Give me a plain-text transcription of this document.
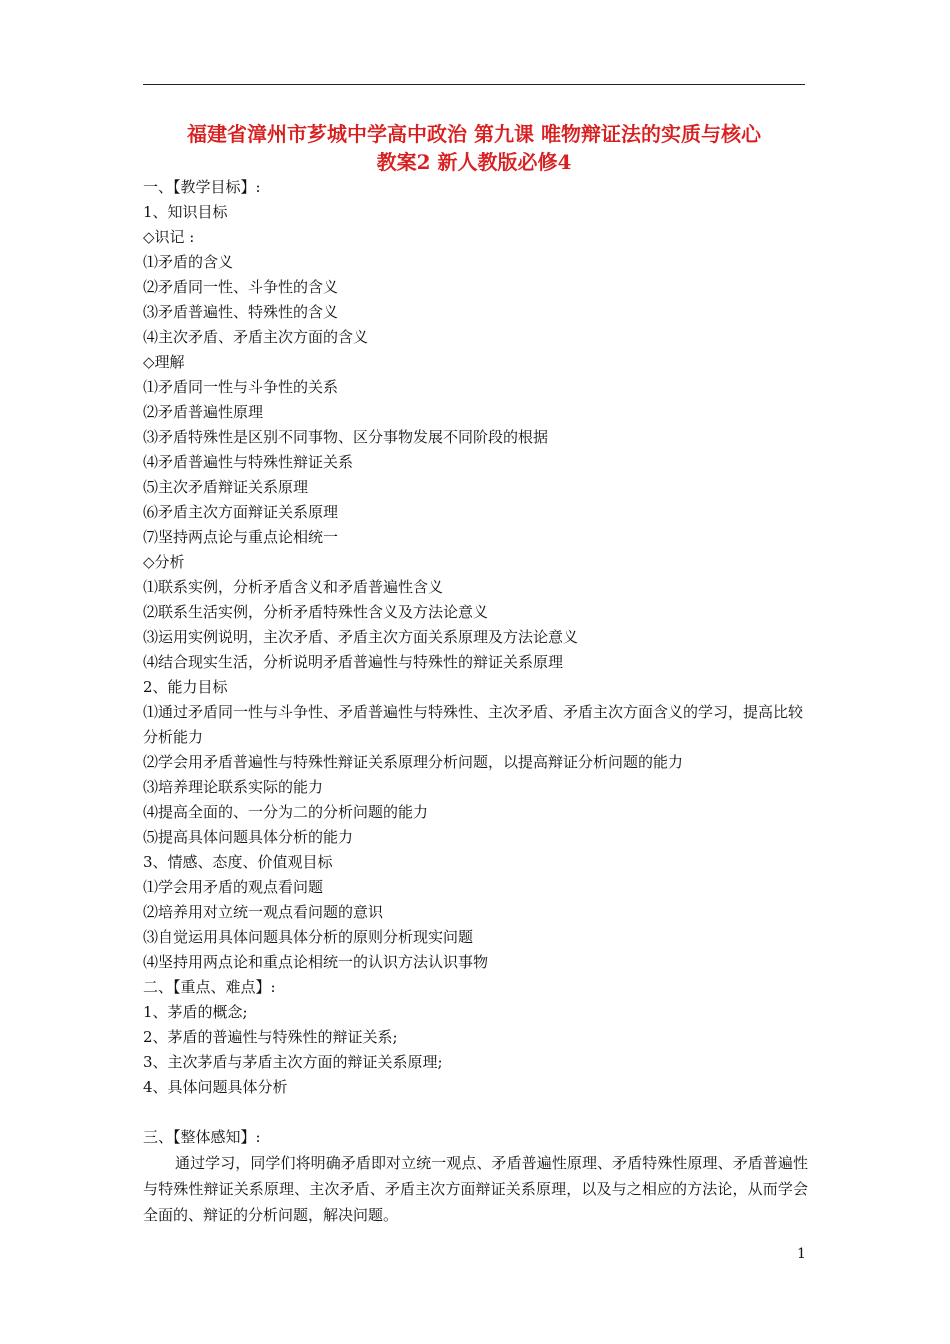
福建省漳州市芗城中学高中政治 第九课 唯物辩证法的实质与核心
教案2 新人教版必修4
一、【教学目标】:
1、知识目标
◇识记 :
⑴矛盾的含义
⑵矛盾同一性、斗争性的含义
⑶矛盾普遍性、特殊性的含义
⑷主次矛盾、矛盾主次方面的含义
◇理解
⑴矛盾同一性与斗争性的关系
⑵矛盾普遍性原理
⑶矛盾特殊性是区别不同事物、区分事物发展不同阶段的根据
⑷矛盾普遍性与特殊性辩证关系
⑸主次矛盾辩证关系原理
⑹矛盾主次方面辩证关系原理
⑺坚持两点论与重点论相统一
◇分析
⑴联系实例，分析矛盾含义和矛盾普遍性含义
⑵联系生活实例，分析矛盾特殊性含义及方法论意义
⑶运用实例说明，主次矛盾、矛盾主次方面关系原理及方法论意义
⑷结合现实生活，分析说明矛盾普遍性与特殊性的辩证关系原理
2、能力目标
⑴通过矛盾同一性与斗争性、矛盾普遍性与特殊性、主次矛盾、矛盾主次方面含义的学习，提高比较分析能力
⑵学会用矛盾普遍性与特殊性辩证关系原理分析问题，以提高辩证分析问题的能力
⑶培养理论联系实际的能力
⑷提高全面的、一分为二的分析问题的能力
⑸提高具体问题具体分析的能力
3、情感、态度、价值观目标
⑴学会用矛盾的观点看问题
⑵培养用对立统一观点看问题的意识
⑶自觉运用具体问题具体分析的原则分析现实问题
⑷坚持用两点论和重点论相统一的认识方法认识事物
二、【重点、难点】:
1、茅盾的概念;
2、茅盾的普遍性与特殊性的辩证关系;
3、主次茅盾与茅盾主次方面的辩证关系原理;
4、具体问题具体分析
三、【整体感知】:
通过学习，同学们将明确矛盾即对立统一观点、矛盾普遍性原理、矛盾特殊性原理、矛盾普遍性与特殊性辩证关系原理、主次矛盾、矛盾主次方面辩证关系原理，以及与之相应的方法论，从而学会全面的、辩证的分析问题，解决问题。
1
